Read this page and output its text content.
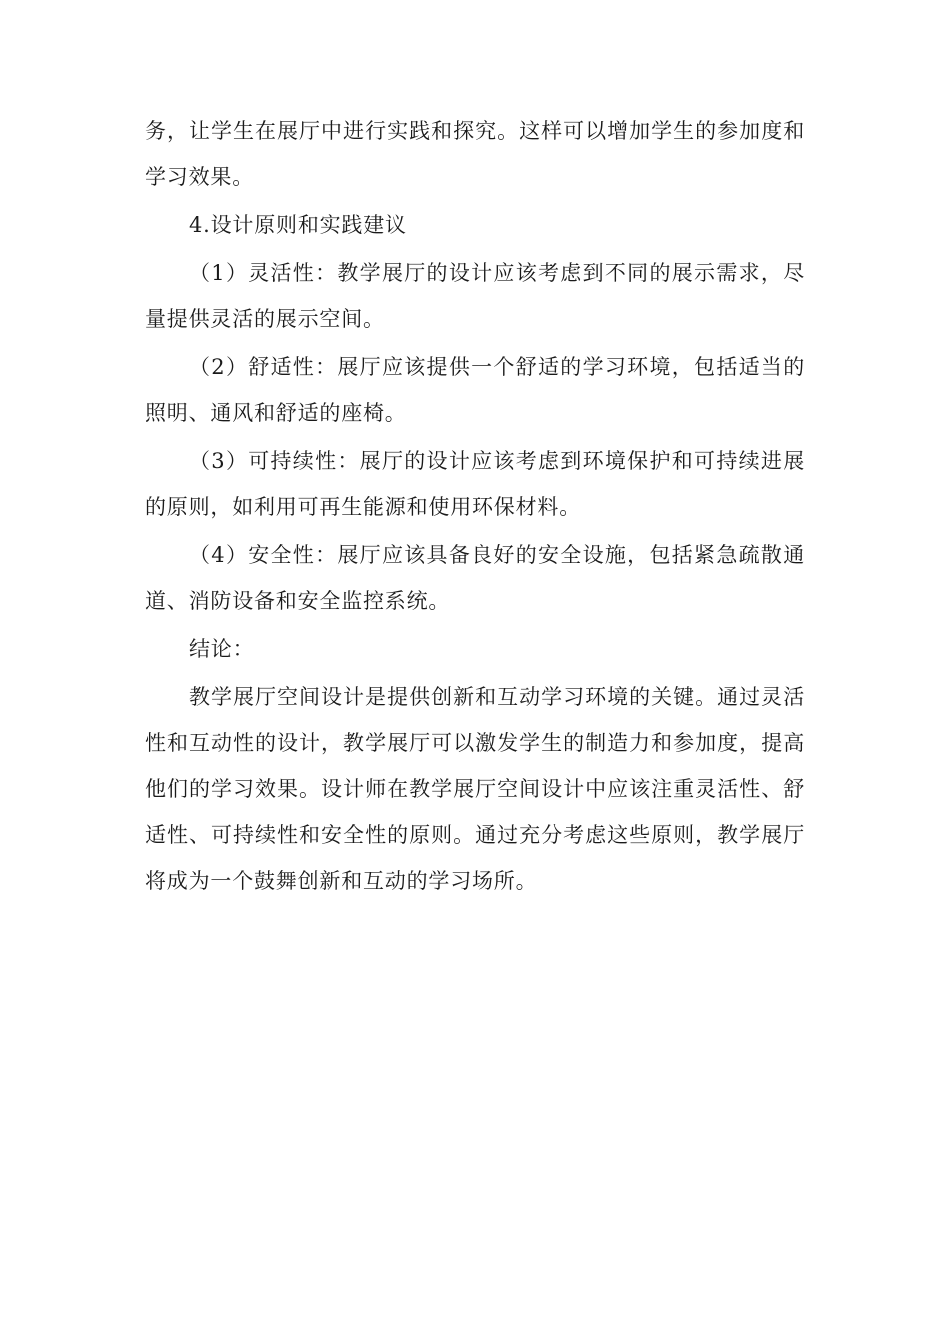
务，让学生在展厅中进行实践和探究。这样可以增加学生的参加度和学习效果。

4.设计原则和实践建议

（1）灵活性：教学展厅的设计应该考虑到不同的展示需求，尽量提供灵活的展示空间。

（2）舒适性：展厅应该提供一个舒适的学习环境，包括适当的照明、通风和舒适的座椅。

（3）可持续性：展厅的设计应该考虑到环境保护和可持续进展的原则，如利用可再生能源和使用环保材料。

（4）安全性：展厅应该具备良好的安全设施，包括紧急疏散通道、消防设备和安全监控系统。

结论：

教学展厅空间设计是提供创新和互动学习环境的关键。通过灵活性和互动性的设计，教学展厅可以激发学生的制造力和参加度，提高他们的学习效果。设计师在教学展厅空间设计中应该注重灵活性、舒适性、可持续性和安全性的原则。通过充分考虑这些原则，教学展厅将成为一个鼓舞创新和互动的学习场所。
